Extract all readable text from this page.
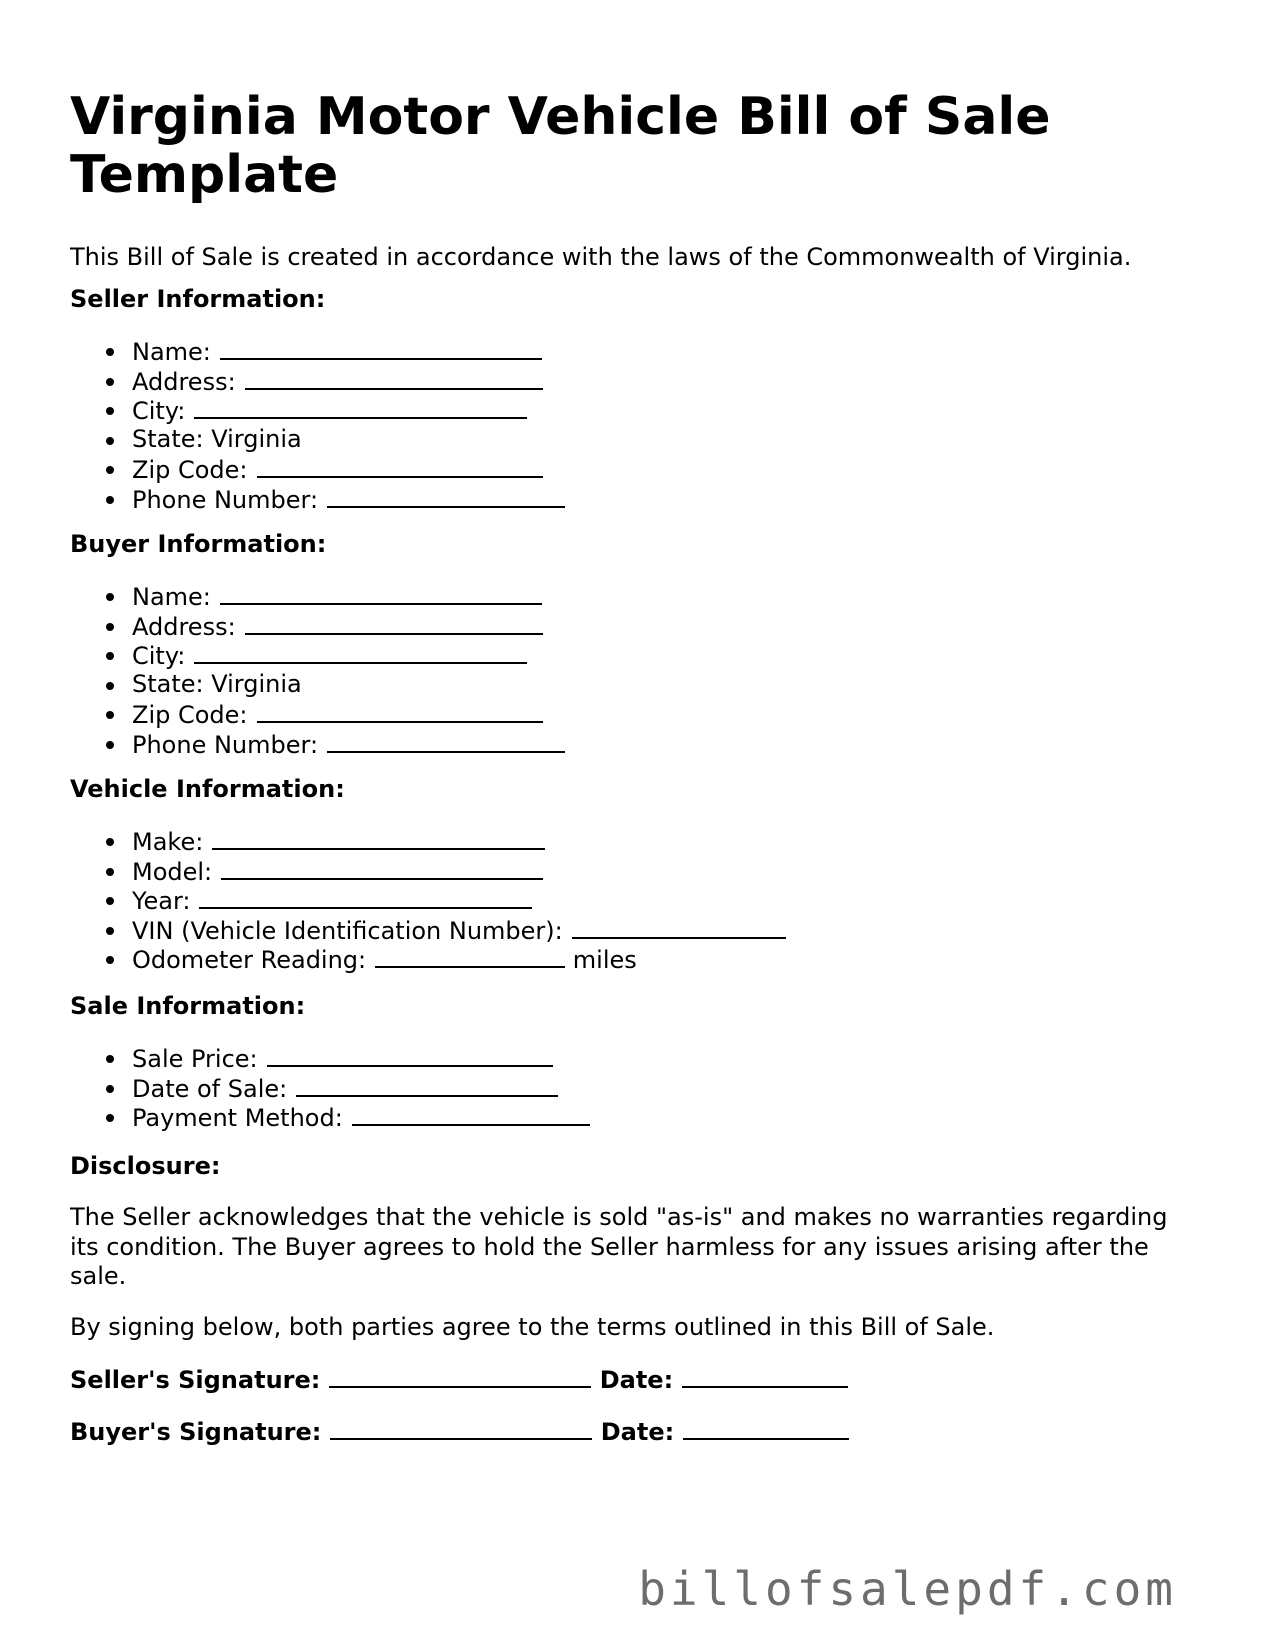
Virginia Motor Vehicle Bill of Sale Template

This Bill of Sale is created in accordance with the laws of the Commonwealth of Virginia.

Seller Information:

Name:
Address:
City:
State: Virginia
Zip Code:
Phone Number:

Buyer Information:

Name:
Address:
City:
State: Virginia
Zip Code:
Phone Number:

Vehicle Information:

Make:
Model:
Year:
VIN (Vehicle Identification Number):
Odometer Reading:	miles

Sale Information:

Sale Price:
Date of Sale:
Payment Method:

Disclosure:

The Seller acknowledges that the vehicle is sold "as-is" and makes no warranties regarding its condition. The Buyer agrees to hold the Seller harmless for any issues arising after the sale.

By signing below, both parties agree to the terms outlined in this Bill of Sale.

Seller's Signature:	Date:

Buyer's Signature:	Date:

billofsalepdf.com
